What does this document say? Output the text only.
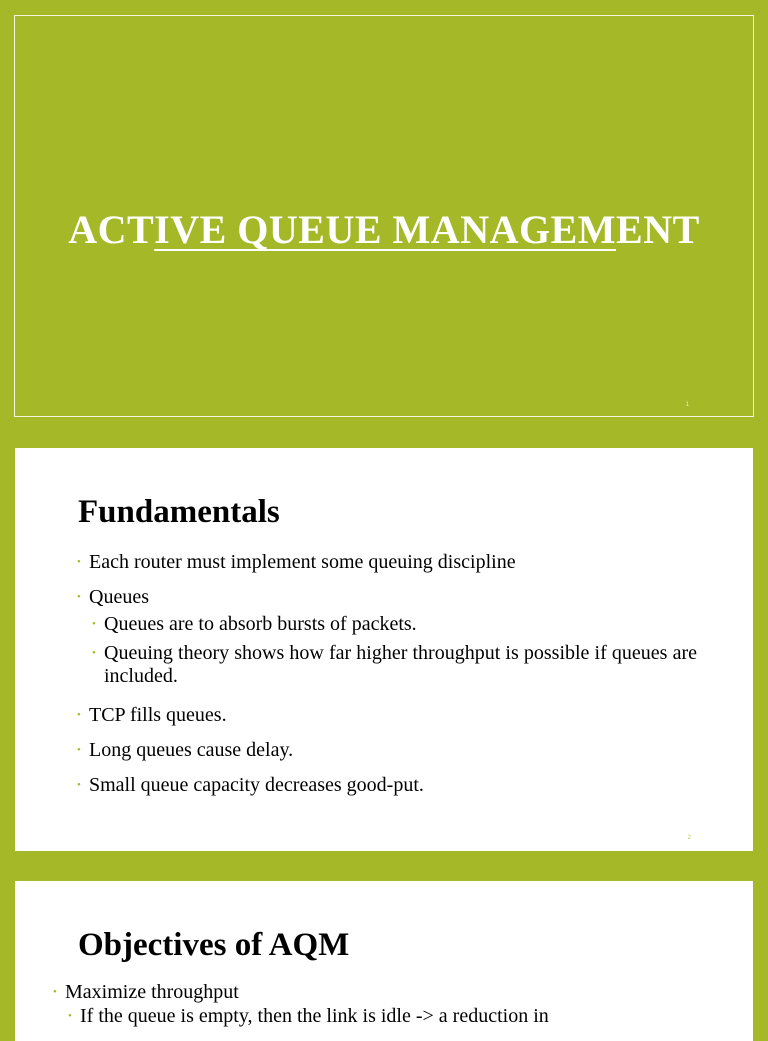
ACTIVE QUEUE MANAGEMENT
1
Fundamentals
• Each router must implement some queuing discipline
• Queues
• Queues are to absorb bursts of packets.
• Queuing theory shows how far higher throughput is possible if queues are included.
• TCP fills queues.
• Long queues cause delay.
• Small queue capacity decreases good-put.
2
Objectives of AQM
• Maximize throughput
• If the queue is empty, then the link is idle -> a reduction in
